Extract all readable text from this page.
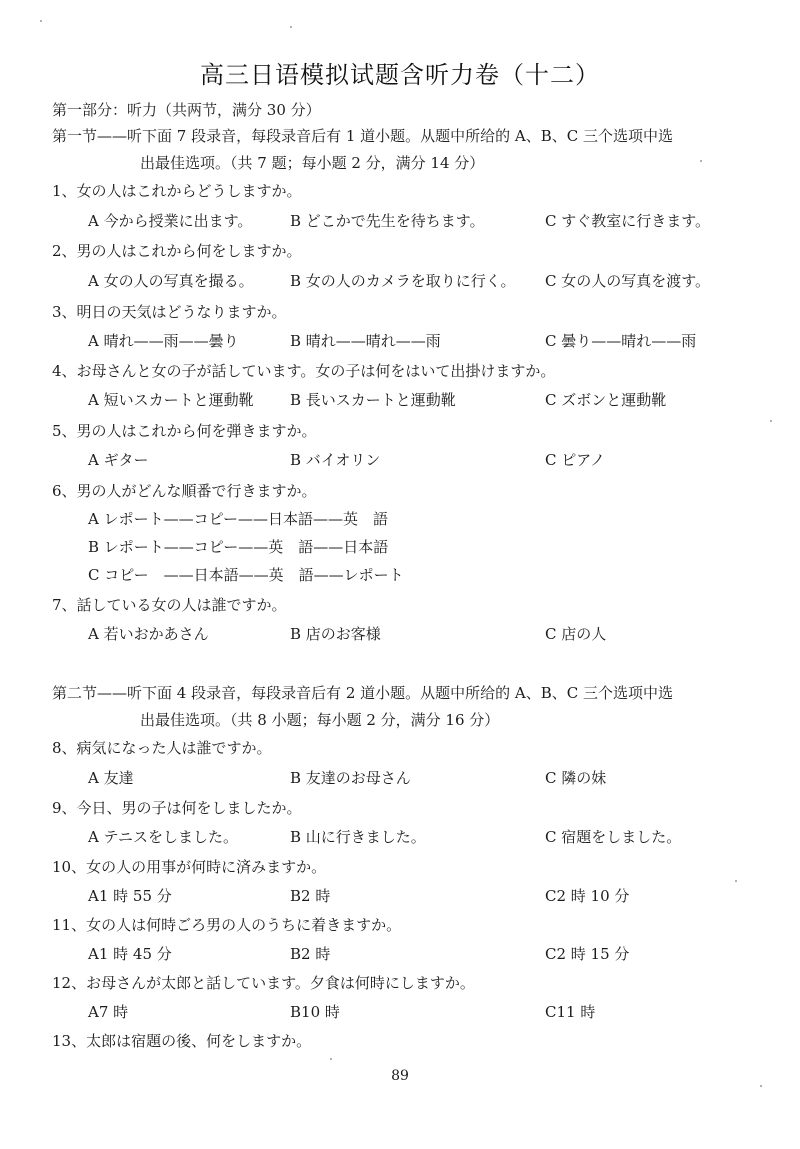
高三日语模拟试题含听力卷（十二）
第一部分：听力（共两节，满分 30 分）
第一节——听下面 7 段录音，每段录音后有 1 道小题。从题中所给的 A、B、C 三个选项中选
出最佳选项。（共 7 题；每小题 2 分，满分 14 分）
1、女の人はこれからどうしますか。
A 今から授業に出ます。	B どこかで先生を待ちます。	C すぐ教室に行きます。
2、男の人はこれから何をしますか。
A 女の人の写真を撮る。 B 女の人のカメラを取りに行く。 C 女の人の写真を渡す。
3、明日の天気はどうなりますか。
A 晴れ——雨——曇り	B 晴れ——晴れ——雨	C 曇り——晴れ——雨
4、お母さんと女の子が話しています。女の子は何をはいて出掛けますか。
A 短いスカートと運動靴 B 長いスカートと運動靴	C ズボンと運動靴
5、男の人はこれから何を弾きますか。
A ギター	B バイオリン	C ピアノ
6、男の人がどんな順番で行きますか。
A レポート——コピー——日本語——英　語
B レポート——コピー——英　語——日本語
C コピー　——日本語——英　語——レポート
7、話している女の人は誰ですか。
A 若いおかあさん	B 店のお客様	C 店の人
第二节——听下面 4 段录音，每段录音后有 2 道小题。从题中所给的 A、B、C 三个选项中选
出最佳选项。（共 8 小题；每小题 2 分，满分 16 分）
8、病気になった人は誰ですか。
A 友達	B 友達のお母さん	C 隣の妹
9、今日、男の子は何をしましたか。
A テニスをしました。	B 山に行きました。	C 宿題をしました。
10、女の人の用事が何時に済みますか。
A1 時 55 分	B2 時	C2 時 10 分
11、女の人は何時ごろ男の人のうちに着きますか。
A1 時 45 分	B2 時	C2 時 15 分
12、お母さんが太郎と話しています。夕食は何時にしますか。
A7 時	B10 時	C11 時
13、太郎は宿題の後、何をしますか。
89
